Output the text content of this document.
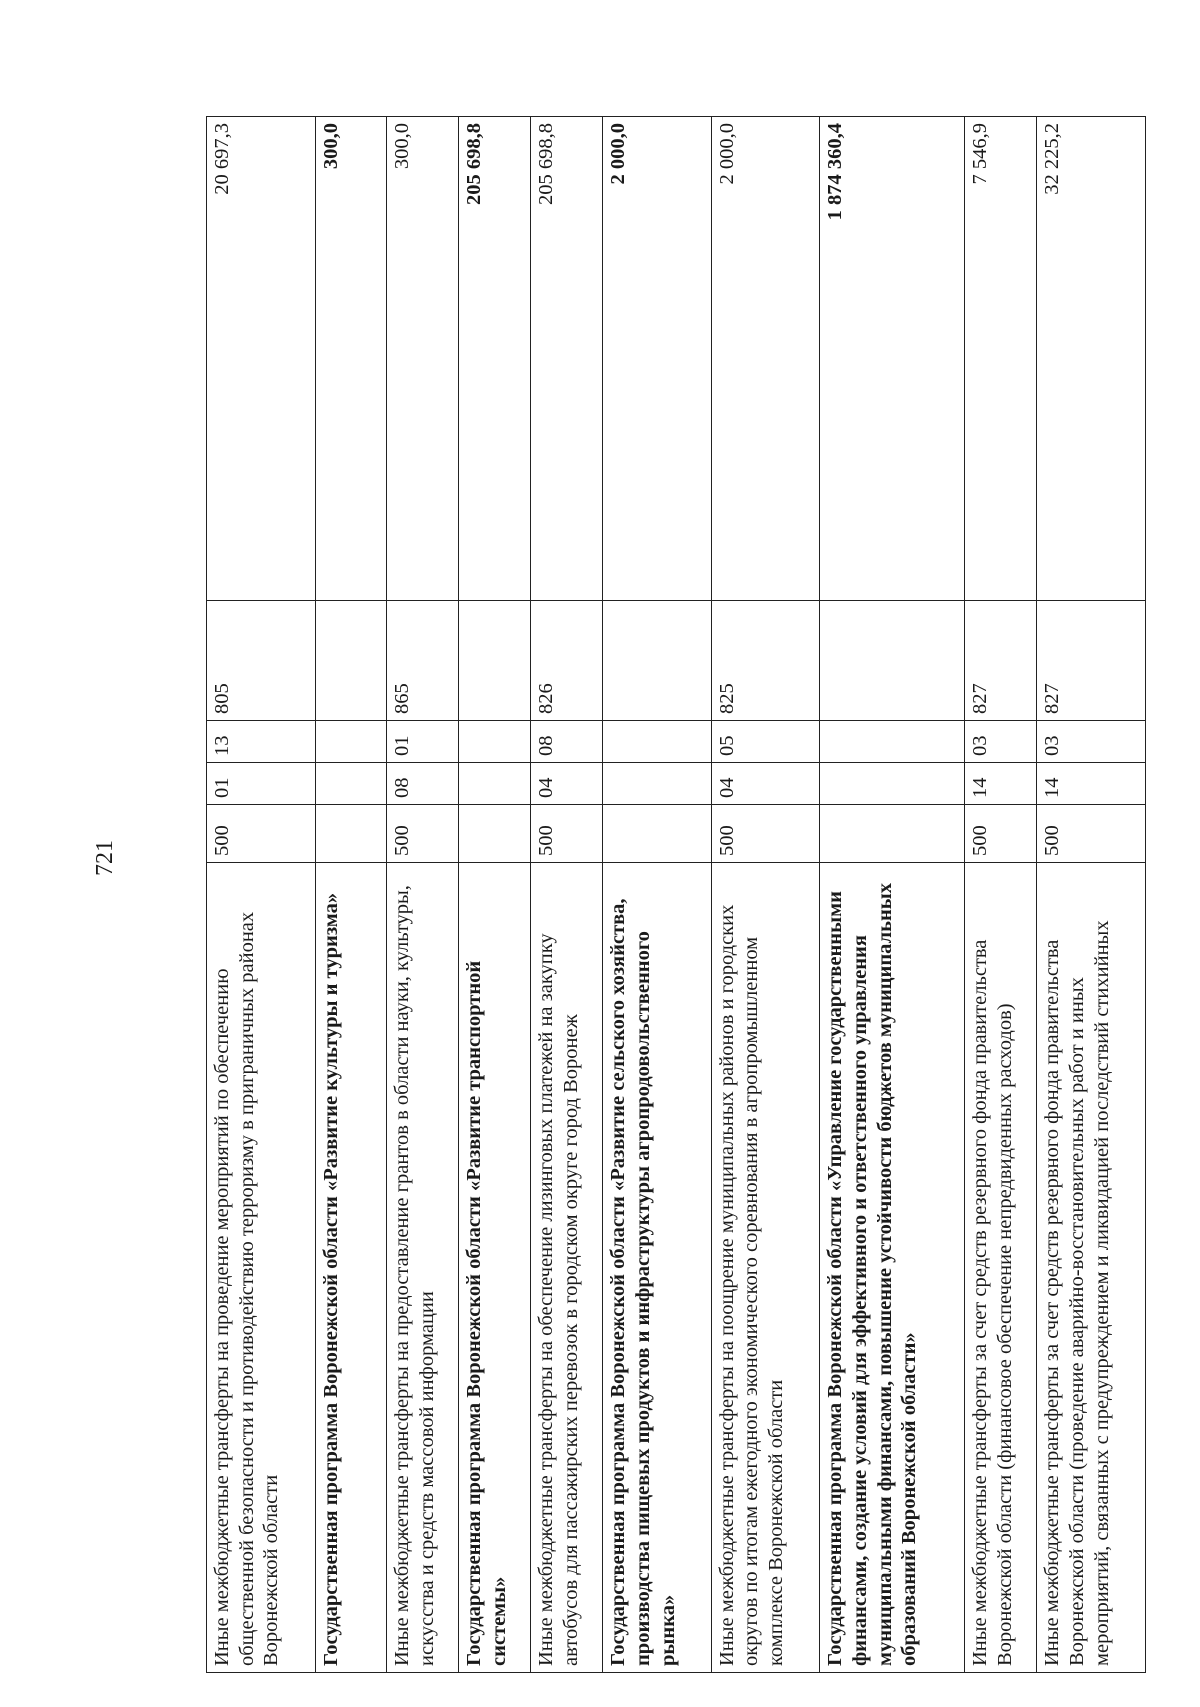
721
Иные межбюджетные трансферты на проведение мероприятий по обеспечению общественной безопасности и противодействию терроризму в приграничных районах Воронежской области	500	01	13	805	20 697,3
Государственная программа Воронежской области «Развитие культуры и туризма»					300,0
Иные межбюджетные трансферты на предоставление грантов в области науки, культуры, искусства и средств массовой информации	500	08	01	865	300,0
Государственная программа Воронежской области «Развитие транспортной системы»					205 698,8
Иные межбюджетные трансферты на обеспечение лизинговых платежей на закупку автобусов для пассажирских перевозок в городском округе город Воронеж	500	04	08	826	205 698,8
Государственная программа Воронежской области «Развитие сельского хозяйства, производства пищевых продуктов и инфраструктуры агропродовольственного рынка»					2 000,0
Иные межбюджетные трансферты на поощрение муниципальных районов и городских округов по итогам ежегодного экономического соревнования в агропромышленном комплексе Воронежской области	500	04	05	825	2 000,0
Государственная программа Воронежской области «Управление государственными финансами, создание условий для эффективного и ответственного управления муниципальными финансами, повышение устойчивости бюджетов муниципальных образований Воронежской области»					1 874 360,4
Иные межбюджетные трансферты за счет средств резервного фонда правительства Воронежской области (финансовое обеспечение непредвиденных расходов)	500	14	03	827	7 546,9
Иные межбюджетные трансферты за счет средств резервного фонда правительства Воронежской области (проведение аварийно-восстановительных работ и иных мероприятий, связанных с предупреждением и ликвидацией последствий стихийных	500	14	03	827	32 225,2
